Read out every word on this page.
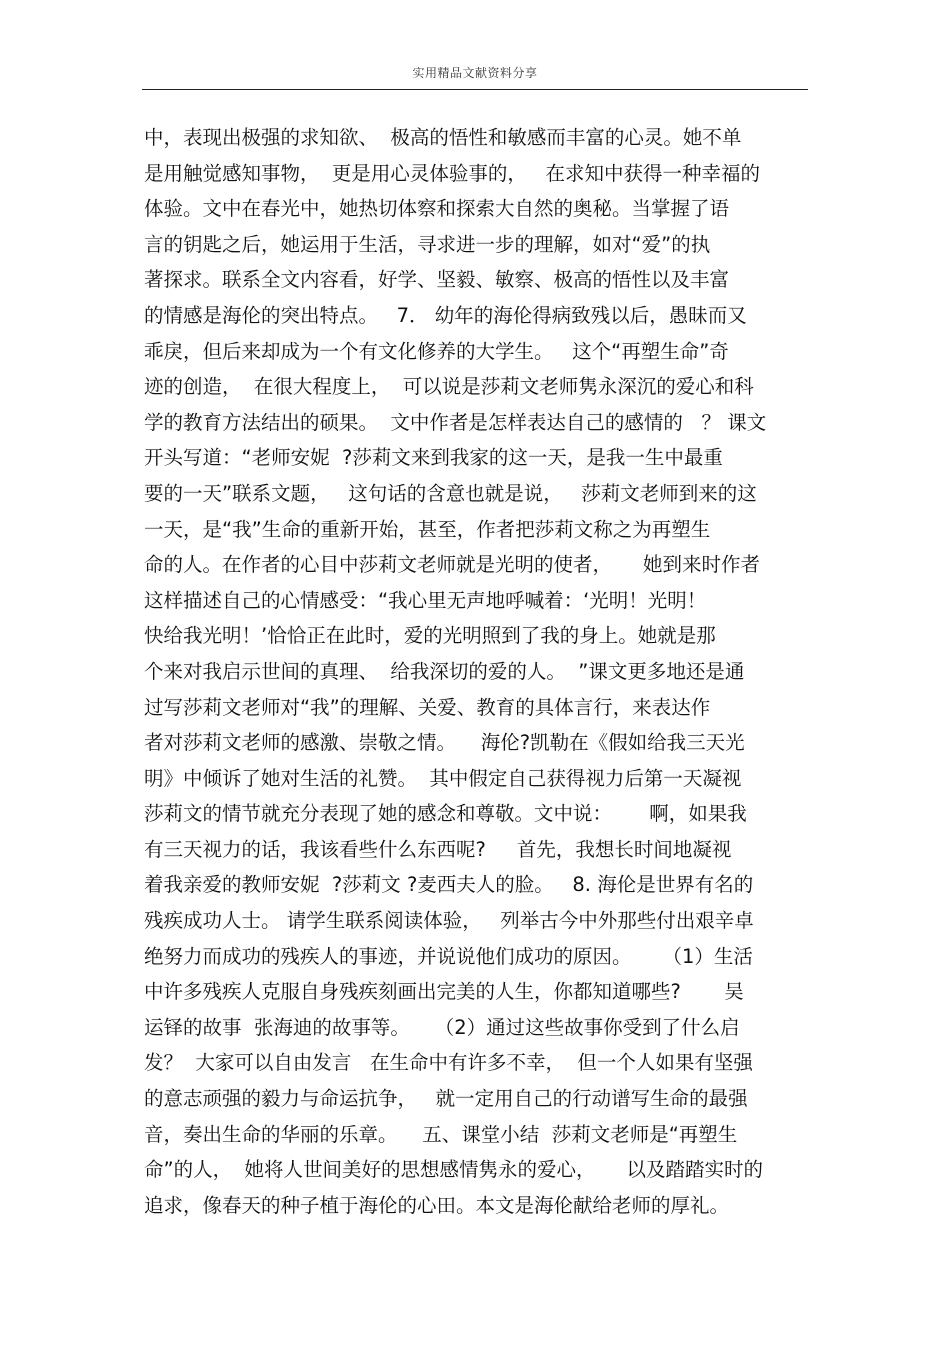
实用精品文献资料分享
中，表现出极强的求知欲、  极高的悟性和敏感而丰富的心灵。她不单
是用触觉感知事物，  更是用心灵体验事的，   在求知中获得一种幸福的
体验。文中在春光中，她热切体察和探索大自然的奥秘。当掌握了语
言的钥匙之后，她运用于生活，寻求进一步的理解，如对“爱”的执
著探求。联系全文内容看，好学、坚毅、敏察、极高的悟性以及丰富
的情感是海伦的突出特点。   7． 幼年的海伦得病致残以后，愚昧而又
乖戾，但后来却成为一个有文化修养的大学生。   这个“再塑生命”奇
迹的创造，  在很大程度上，  可以说是莎莉文老师隽永深沉的爱心和科
学的教育方法结出的硕果。  文中作者是怎样表达自己的感情的   ？ 课文
开头写道：“老师安妮  ?莎莉文来到我家的这一天，是我一生中最重
要的一天”联系文题，   这句话的含意也就是说，   莎莉文老师到来的这
一天，是“我”生命的重新开始，甚至，作者把莎莉文称之为再塑生
命的人。在作者的心目中莎莉文老师就是光明的使者，     她到来时作者
这样描述自己的心情感受：“我心里无声地呼喊着：‘光明！光明！
快给我光明！’恰恰正在此时，爱的光明照到了我的身上。她就是那
个来对我启示世间的真理、  给我深切的爱的人。  ”课文更多地还是通
过写莎莉文老师对“我”的理解、关爱、教育的具体言行，来表达作
者对莎莉文老师的感激、崇敬之情。    海伦?凯勒在《假如给我三天光
明》中倾诉了她对生活的礼赞。  其中假定自己获得视力后第一天凝视
莎莉文的情节就充分表现了她的感念和尊敬。文中说：      啊，如果我
有三天视力的话，我该看些什么东西呢?     首先，我想长时间地凝视
着我亲爱的教师安妮  ?莎莉文 ?麦西夫人的脸。   8. 海伦是世界有名的
残疾成功人士。 请学生联系阅读体验，   列举古今中外那些付出艰辛卓
绝努力而成功的残疾人的事迹，并说说他们成功的原因。     （1）生活
中许多残疾人克服自身残疾刻画出完美的人生，你都知道哪些?       吴
运铎的故事  张海迪的故事等。    （2）通过这些故事你受到了什么启
发？  大家可以自由发言   在生命中有许多不幸，  但一个人如果有坚强
的意志顽强的毅力与命运抗争，   就一定用自己的行动谱写生命的最强
音，奏出生命的华丽的乐章。    五、课堂小结  莎莉文老师是“再塑生
命”的人，  她将人世间美好的思想感情隽永的爱心，     以及踏踏实时的
追求，像春天的种子植于海伦的心田。本文是海伦献给老师的厚礼。
